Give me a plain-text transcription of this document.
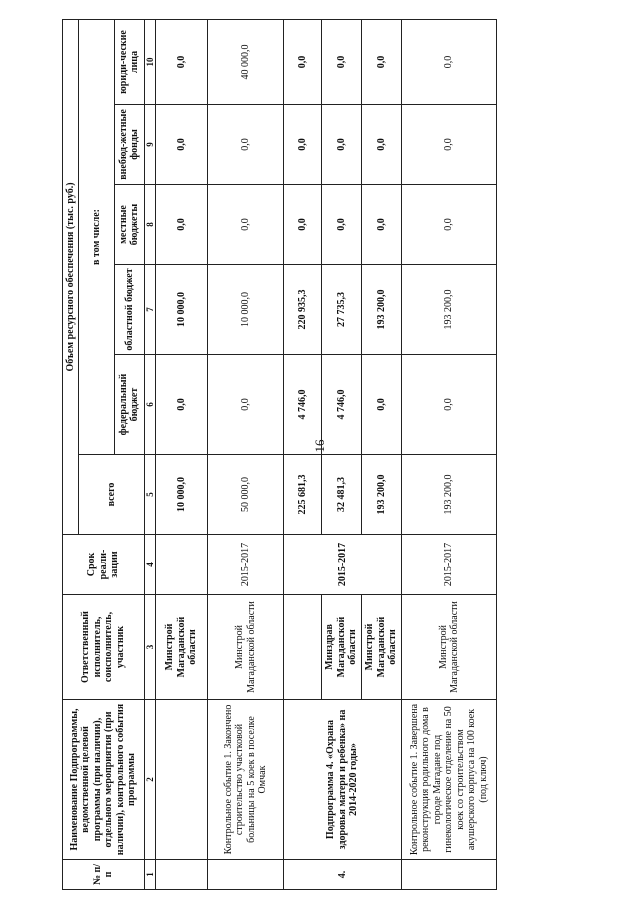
16
№ п/п	Наименование Подпрограммы, ведомственной целевой программы (при наличии), отдельного мероприятия (при наличии), контрольного события программы	Ответственный исполнитель, соисполнитель, участник	Срок реали-зации	Объем ресурсного обеспечения (тыс. руб.)					
				всего	в том числе:				
					федеральный бюджет	областной бюджет	местные бюджеты	внебюд-жетные фонды	юриди-ческие лица
1	2	3	4	5	6	7	8	9	10
		Минстрой Магаданской области		10 000,0	0,0	10 000,0	0,0	0,0	0,0
	Контрольное событие 1. Закончено строительство участковой больницы на 5 коек в поселке Омчак	Минстрой Магаданской области	2015-2017	50 000,0	0,0	10 000,0	0,0	0,0	40 000,0
4.	Подпрограмма 4. «Охрана здоровья матери и ребенка» на 2014-2020 годы»		2015-2017	225 681,3	4 746,0	220 935,3	0,0	0,0	0,0
		Минздрав Магаданской области		32 481,3	4 746,0	27 735,3	0,0	0,0	0,0
		Минстрой Магаданской области		193 200,0	0,0	193 200,0	0,0	0,0	0,0
	Контрольное событие 1. Завершена реконструкция родильного дома в городе Магадане под гинекологическое отделение на 50 коек со строительством акушерского корпуса на 100 коек (под ключ)	Минстрой Магаданской области	2015-2017	193 200,0	0,0	193 200,0	0,0	0,0	0,0
